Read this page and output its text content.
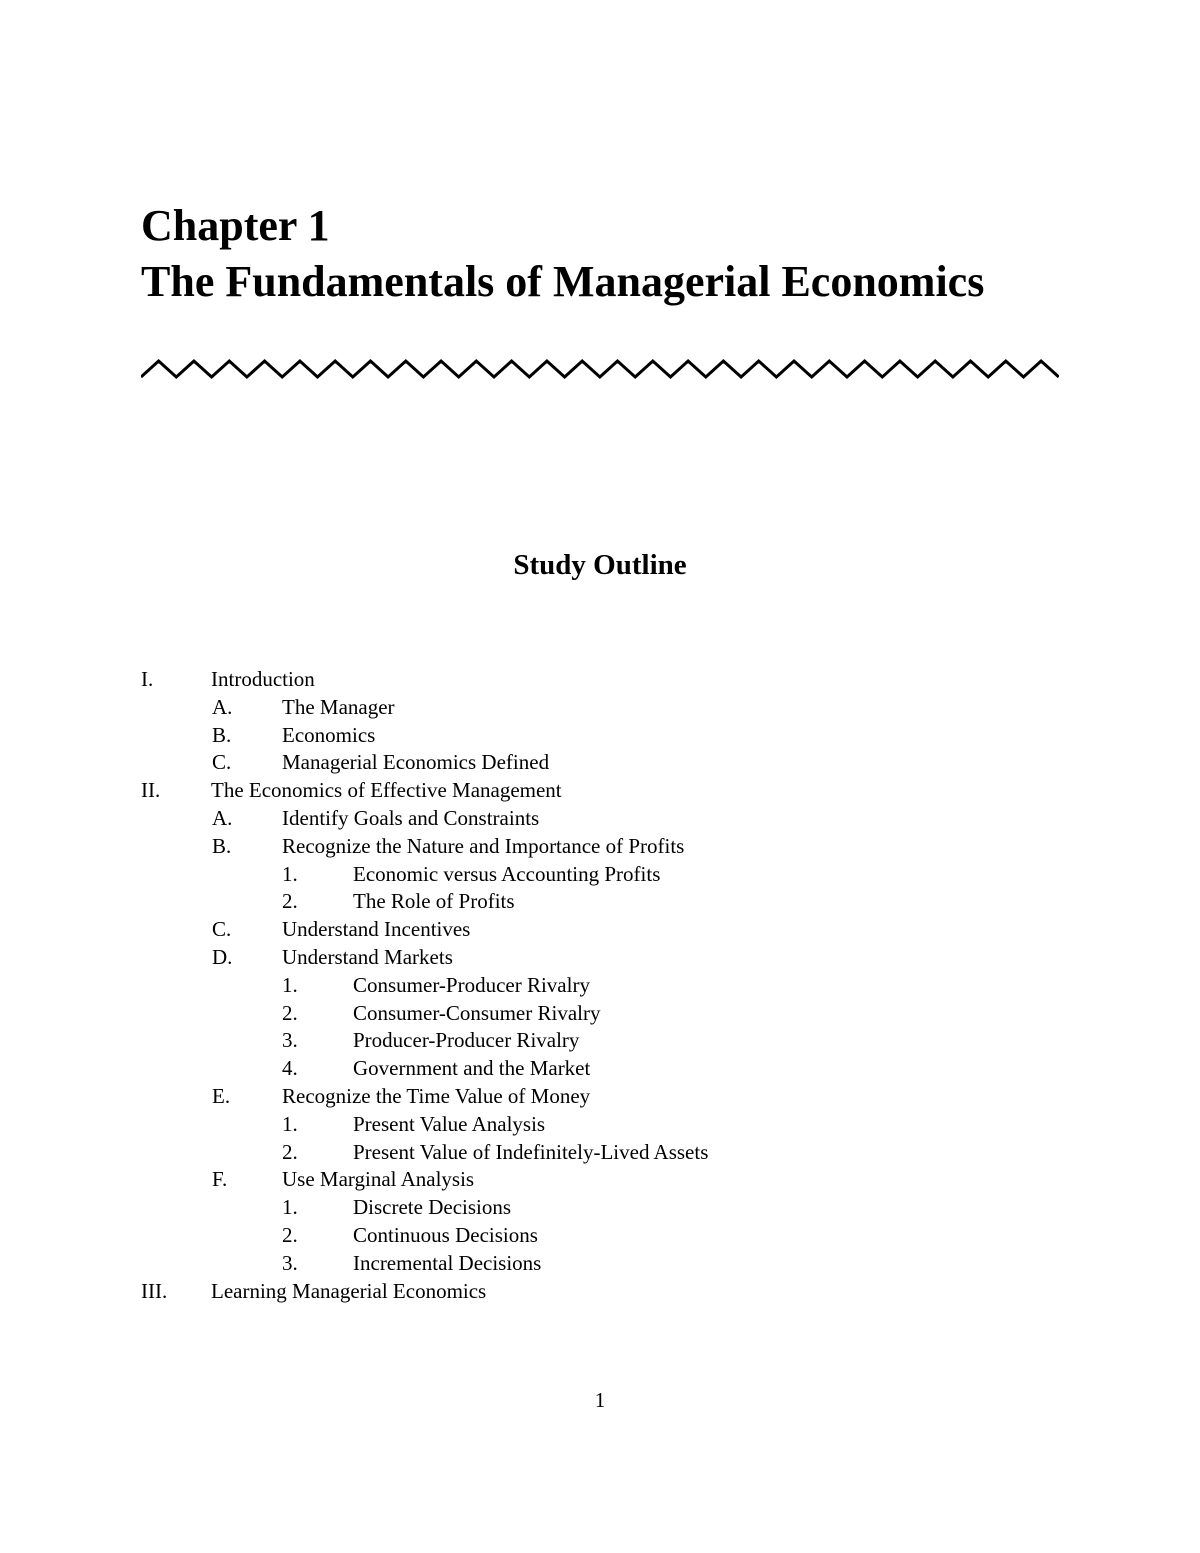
Chapter 1
The Fundamentals of Managerial Economics
Study Outline
I.	Introduction
A. The Manager
B. Economics
C. Managerial Economics Defined
II. The Economics of Effective Management
A. Identify Goals and Constraints
B. Recognize the Nature and Importance of Profits
1.	Economic versus Accounting Profits
2.	The Role of Profits
C. Understand Incentives
D. Understand Markets
1.	Consumer-Producer Rivalry
2.	Consumer-Consumer Rivalry
3.	Producer-Producer Rivalry
4.	Government and the Market
E. Recognize the Time Value of Money
1.	Present Value Analysis
2.	Present Value of Indefinitely-Lived Assets
F.	Use Marginal Analysis
1.	Discrete Decisions
2.	Continuous Decisions
3.	Incremental Decisions
III. Learning Managerial Economics
1
